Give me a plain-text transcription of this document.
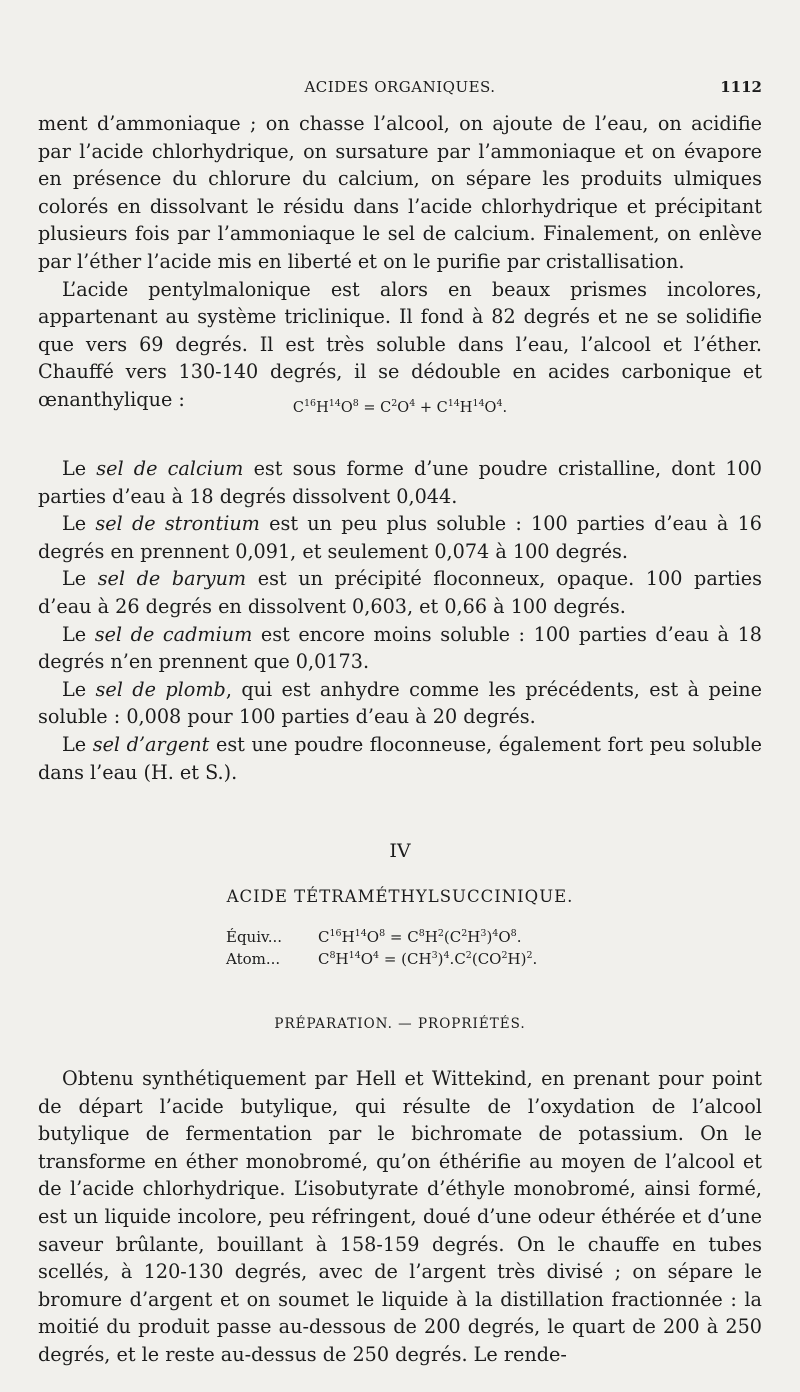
ACIDES ORGANIQUES.	1112

ment d’ammoniaque ; on chasse l’alcool, on ajoute de l’eau, on acidifie par l’acide chlorhydrique, on sursature par l’ammoniaque et on évapore en présence du chlorure du calcium, on sépare les produits ulmiques colorés en dissolvant le résidu dans l’acide chlorhydrique et précipitant plusieurs fois par l’ammoniaque le sel de calcium. Finalement, on enlève par l’éther l’acide mis en liberté et on le purifie par cristallisation.

L’acide pentylmalonique est alors en beaux prismes incolores, appartenant au système triclinique. Il fond à 82 degrés et ne se solidifie que vers 69 degrés. Il est très soluble dans l’eau, l’alcool et l’éther. Chauffé vers 130-140 degrés, il se dédouble en acides carbonique et œnanthylique :	$C^{16}H^{14}O^8 = C^2O^4 + C^{14}H^{14}O^4$.

Le sel de calcium est sous forme d’une poudre cristalline, dont 100 parties d’eau à 18 degrés dissolvent 0,044.

Le sel de strontium est un peu plus soluble : 100 parties d’eau à 16 degrés en prennent 0,091, et seulement 0,074 à 100 degrés.

Le sel de baryum est un précipité floconneux, opaque. 100 parties d’eau à 26 degrés en dissolvent 0,603, et 0,66 à 100 degrés.

Le sel de cadmium est encore moins soluble : 100 parties d’eau à 18 degrés n’en prennent que 0,0173.

Le sel de plomb, qui est anhydre comme les précédents, est à peine soluble : 0,008 pour 100 parties d’eau à 20 degrés.

Le sel d’argent est une poudre floconneuse, également fort peu soluble dans l’eau (H. et S.).

IV
ACIDE TÉTRAMÉTHYLSUCCINIQUE.
Équiv... $C^{16}H^{14}O^8 = C^8H^2(C^2H^3)^4O^8$.
Atom...	$C^8H^{14}O^4 = (CH^3)^4.C^2(CO^2H)^2$.
PRÉPARATION. — PROPRIÉTÉS.

Obtenu synthétiquement par Hell et Wittekind, en prenant pour point de départ l’acide butylique, qui résulte de l’oxydation de l’alcool butylique de fermentation par le bichromate de potassium. On le transforme en éther monobromé, qu’on éthérifie au moyen de l’alcool et de l’acide chlorhydrique. L’isobutyrate d’éthyle monobromé, ainsi formé, est un liquide incolore, peu réfringent, doué d’une odeur éthérée et d’une saveur brûlante, bouillant à 158-159 degrés. On le chauffe en tubes scellés, à 120-130 degrés, avec de l’argent très divisé ; on sépare le bromure d’argent et on soumet le liquide à la distillation fractionnée : la moitié du produit passe au-dessous de 200 degrés, le quart de 200 à 250 degrés, et le reste au-dessus de 250 degrés. Le rende-
